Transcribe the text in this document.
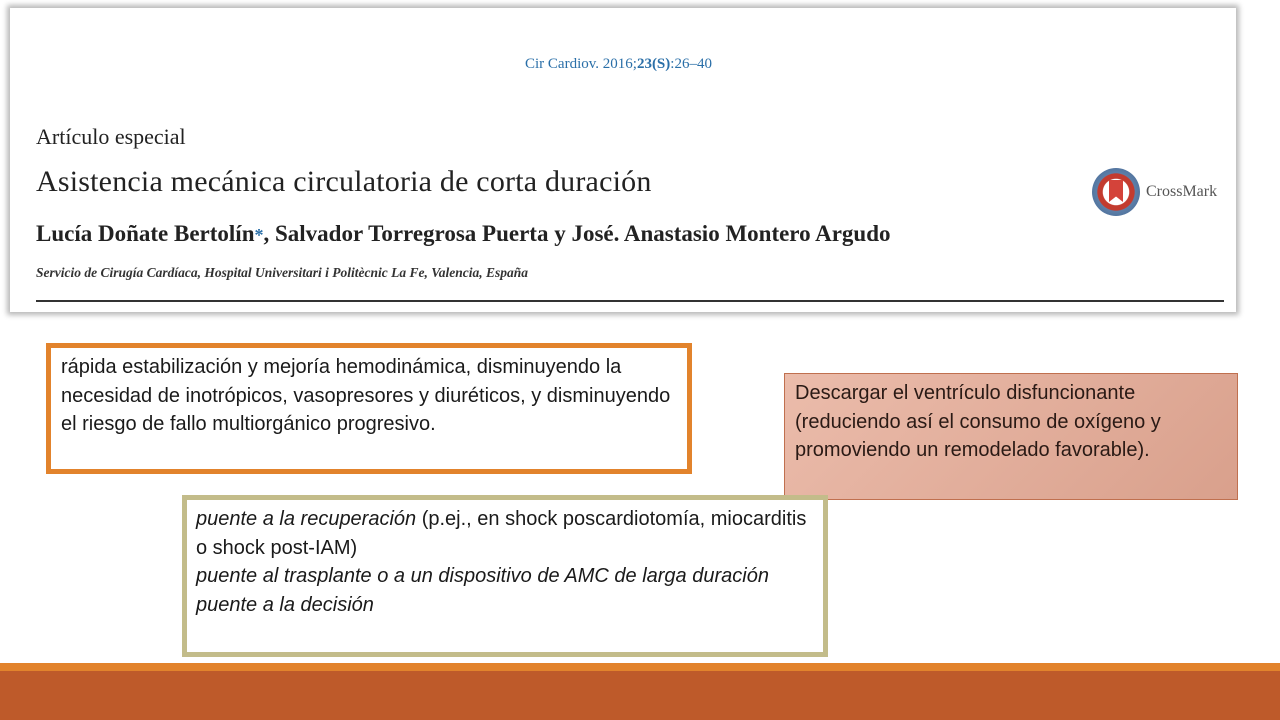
Cir Cardiov. 2016;23(S):26–40
Artículo especial
Asistencia mecánica circulatoria de corta duración
Lucía Doñate Bertolín*, Salvador Torregrosa Puerta y José. Anastasio Montero Argudo
Servicio de Cirugía Cardíaca, Hospital Universitari i Politècnic La Fe, Valencia, España
CrossMark
rápida estabilización y mejoría hemodinámica, disminuyendo la necesidad de inotrópicos, vasopresores y diuréticos, y disminuyendo el riesgo de fallo multiorgánico progresivo.
Descargar el ventrículo disfuncionante (reduciendo así el consumo de oxígeno y promoviendo un remodelado favorable).
puente a la recuperación (p.ej., en shock poscardiotomía, miocarditis o shock post-IAM)
puente al trasplante o a un dispositivo de AMC de larga duración
puente a la decisión
